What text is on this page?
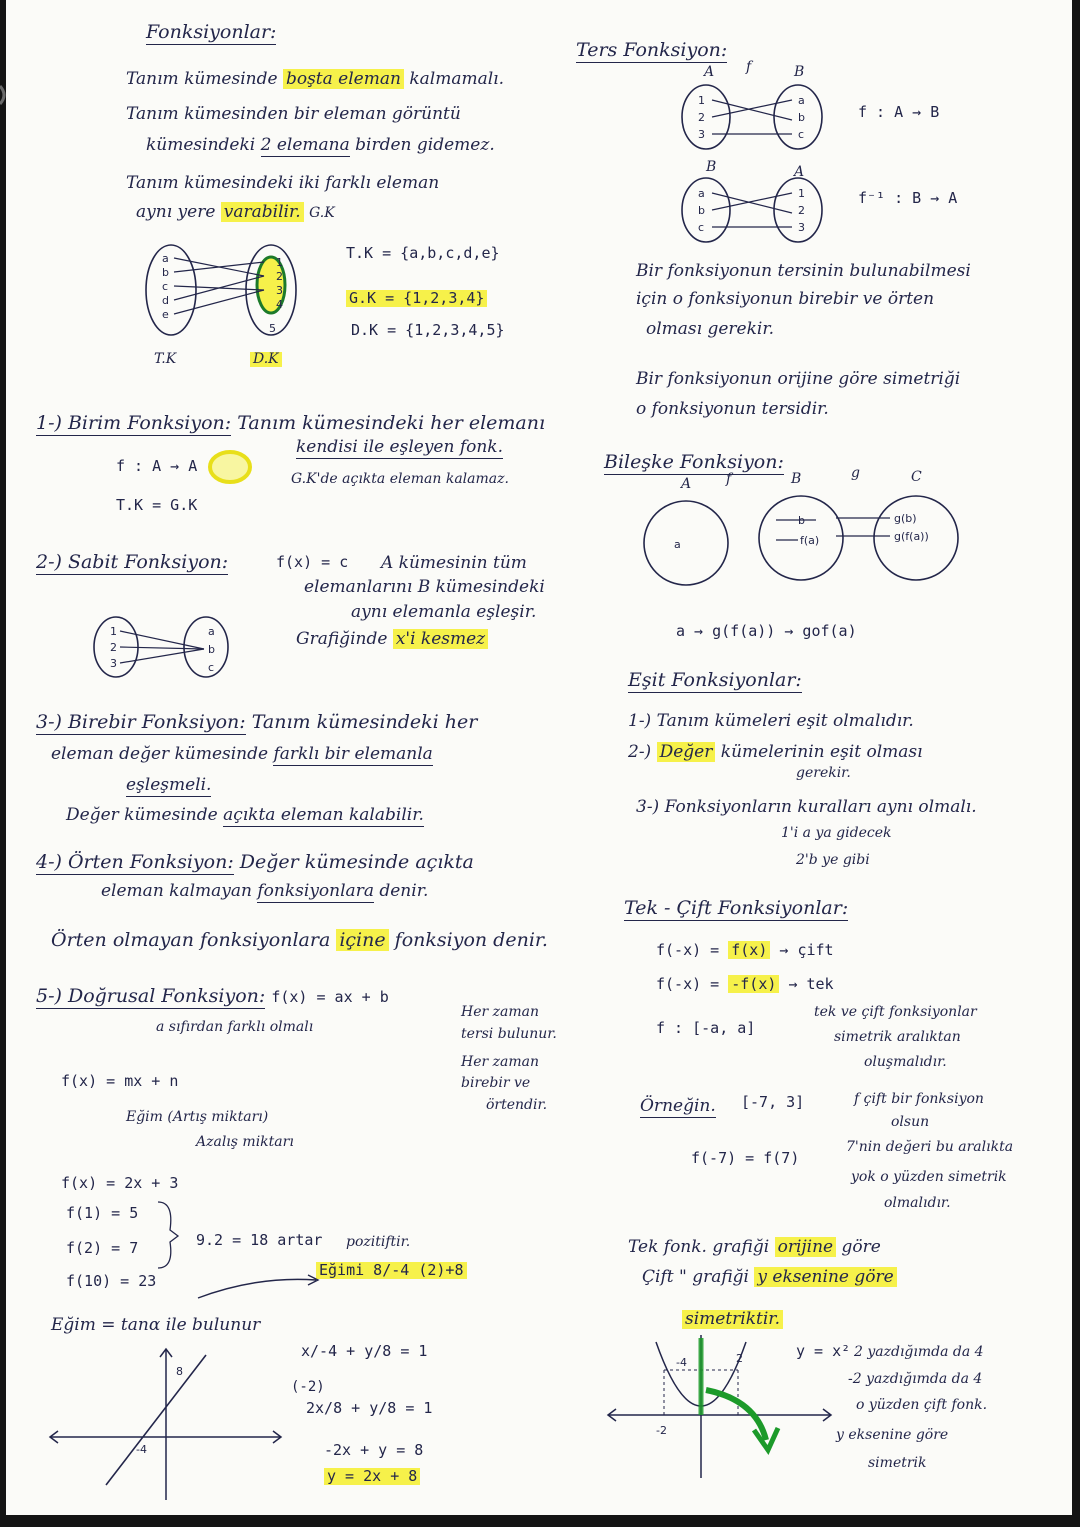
Fonksiyonlar:
Tanım kümesinde boşta eleman kalmamalı.
Tanım kümesinden bir eleman görüntü
kümesindeki 2 elemana birden gidemez.
Tanım kümesindeki iki farklı eleman
aynı yere varabilir. G.K
a
b
c
d
e
1
2
3
4
5
T.K	D.K
T.K = {a,b,c,d,e}
G.K = {1,2,3,4}
D.K = {1,2,3,4,5}
1-) Birim Fonksiyon: Tanım kümesindeki her elemanı
kendisi ile eşleyen fonk.
G.K'de açıkta eleman kalamaz.
f : A → A
T.K = G.K
2-) Sabit Fonksiyon:	f(x) = c A kümesinin tüm
elemanlarını B kümesindeki
aynı elemanla eşleşir.
Grafiğinde x'i kesmez
1
2
3
a
b
c
3-) Birebir Fonksiyon: Tanım kümesindeki her
eleman değer kümesinde farklı bir elemanla
eşleşmeli.
Değer kümesinde açıkta eleman kalabilir.
4-) Örten Fonksiyon: Değer kümesinde açıkta
eleman kalmayan fonksiyonlara denir.
Örten olmayan fonksiyonlara içine fonksiyon denir.
5-) Doğrusal Fonksiyon: f(x) = ax + b
a sıfırdan farklı olmalı
Her zaman
tersi bulunur.
Her zaman
birebir ve
örtendir.
f(x) = mx + n
Eğim (Artış miktarı)
Azalış miktarı
f(x) = 2x + 3
f(1) = 5
f(2) = 7
f(10) = 23
9.2 = 18 artar pozitiftir.
Eğimi 8/-4 (2)+8
Eğim = tanα ile bulunur
-4
8
x/-4 + y/8 = 1
(-2)
2x/8 + y/8 = 1
-2x + y = 8
y = 2x + 8
Ters Fonksiyon:
A f	B
1
2
3
a
b
c
f : A → B
B	A
a
b
c
1
2
3
f⁻¹ : B → A
Bir fonksiyonun tersinin bulunabilmesi
için o fonksiyonun birebir ve örten
olması gerekir.
Bir fonksiyonun orijine göre simetriği
o fonksiyonun tersidir.
Bileşke Fonksiyon:
A f	B	g	C
a
b
f(a)
g(b)
g(f(a))
a → g(f(a)) → gof(a)
Eşit Fonksiyonlar:
1-) Tanım kümeleri eşit olmalıdır.
2-) Değer kümelerinin eşit olması
gerekir.
3-) Fonksiyonların kuralları aynı olmalı.
1'i a ya gidecek
2'b ye gibi
Tek - Çift Fonksiyonlar:
f(-x) = f(x) → çift
f(-x) = -f(x) → tek
f : [-a, a]
tek ve çift fonksiyonlar
simetrik aralıktan
oluşmalıdır.
Örneğin. [-7, 3]	f çift bir fonksiyon
olsun
f(-7) = f(7)
7'nin değeri bu aralıkta
yok o yüzden simetrik
olmalıdır.
Tek fonk. grafiği orijine göre
Çift " grafiği y eksenine göre
simetriktir.
y = x²
-4
-2
2	2 yazdığımda da 4
-2 yazdığımda da 4
o yüzden çift fonk.
y eksenine göre
simetrik
